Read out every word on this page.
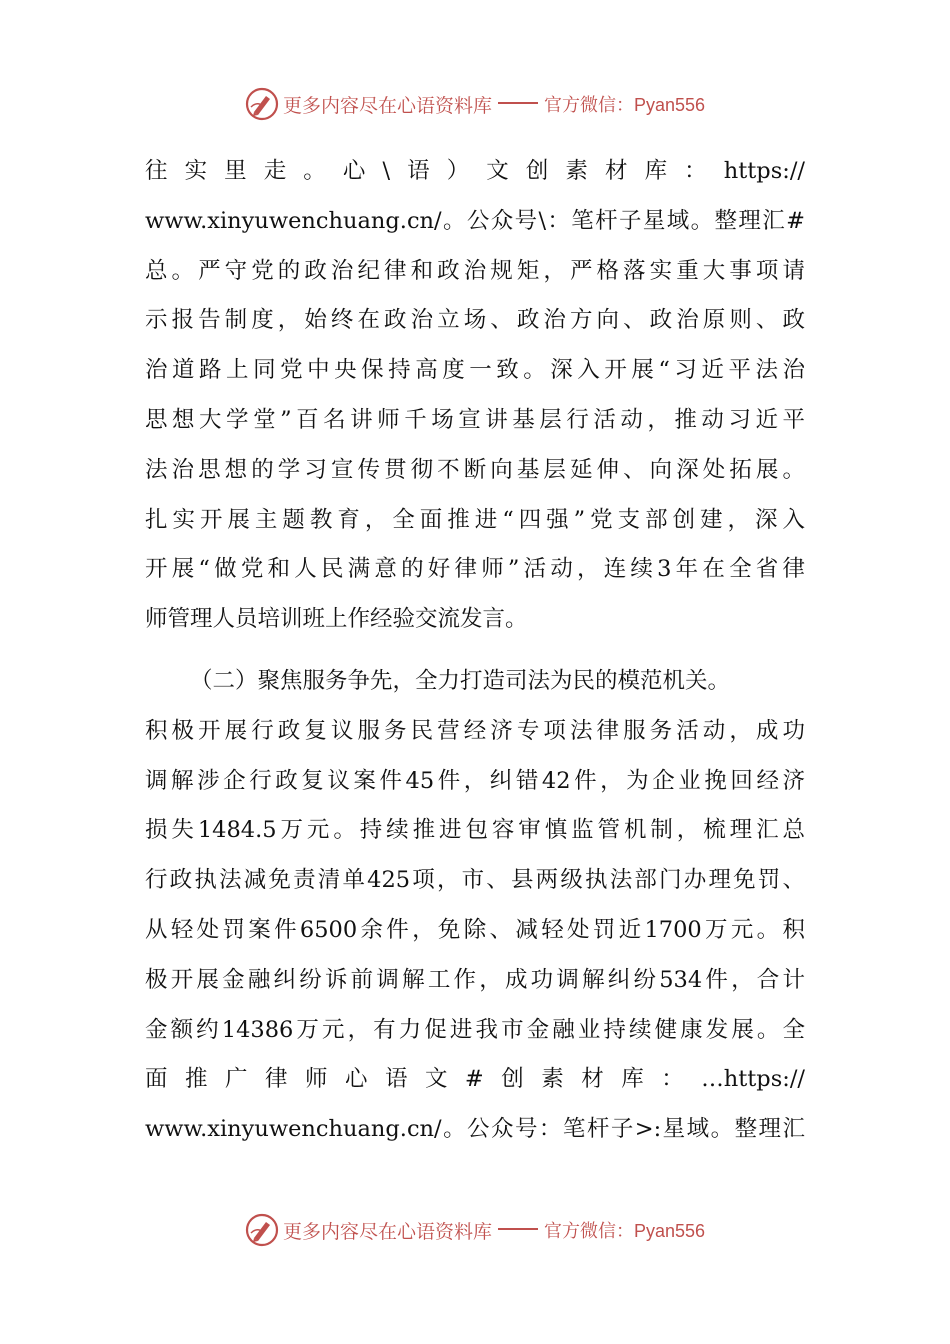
更多内容尽在心语资料库	官方微信：Pyan556
往实里走。心\语）文创素材库：https://
www.xinyuwenchuang.cn/。公众号\：笔杆子星域。整理汇#
总。严守党的政治纪律和政治规矩，严格落实重大事项请
示报告制度，始终在政治立场、政治方向、政治原则、政
治道路上同党中央保持高度一致。深入开展“习近平法治
思想大学堂”百名讲师千场宣讲基层行活动，推动习近平
法治思想的学习宣传贯彻不断向基层延伸、向深处拓展。
扎实开展主题教育，全面推进“四强”党支部创建，深入
开展“做党和人民满意的好律师”活动，连续3年在全省律
师管理人员培训班上作经验交流发言。
（二）聚焦服务争先，全力打造司法为民的模范机关。
积极开展行政复议服务民营经济专项法律服务活动，成功
调解涉企行政复议案件45件，纠错42件，为企业挽回经济
损失1484.5万元。持续推进包容审慎监管机制，梳理汇总
行政执法减免责清单425项，市、县两级执法部门办理免罚、
从轻处罚案件6500余件，免除、减轻处罚近1700万元。积
极开展金融纠纷诉前调解工作，成功调解纠纷534件，合计
金额约14386万元，有力促进我市金融业持续健康发展。全
面推广律师心语文#创素材库：…https://
www.xinyuwenchuang.cn/。公众号：笔杆子>:星域。整理汇
更多内容尽在心语资料库	官方微信：Pyan556
